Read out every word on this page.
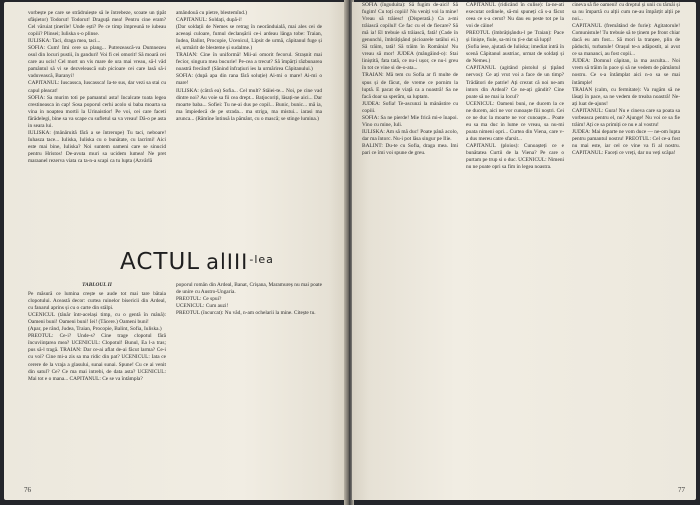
vorbește pe care se strădruiește să le întrebeze, scoate un țipăt sfâșietor) Todorut! Todorut! Draguță mea! Pentru cine eram? Cel văruiat ținerile! Unde ești? Pe ce timp împreună te iubeau copiii? Plinsei; Iuliska s-o plinse.

IULISKA: Taci, draga mea, taci...

SOFIA: Cum! Imi cere sa plang... Putrezească-va Dumnezeu osul din locuri pustii, în ganduri! Voi fi cei omorit! Să moară cei care au ucis! Cel mort un vis mare de ura mai vreau, să-l văd pamântul să vi se dezvelească sub picioare cei care lasă să-i vaduvească, Baranyi!

CAPITANUL: Iuscassca, Iuscassca! Ia-te sus, dar vezi sa stai cu capul pleacat!

SOFIA: Sa murim toti pe pamantul asta! Incalcate toata legea crestineasca in cap! Sosa poporul cerhi acolo si baba moarta sa vina in noaptea mortii la Urinaistior! Pe voi, cei care faceti fărădelegi, bine sa va scape cu sufletul sa va vreau! Dă-o pe asta in seara lui.

IULISKA: (mânâruită fără a se întrerupe) Tu taci, neboare! Iuhasza tace... Iuliska, Iuliska cu o bunătate, cu lacrimi! Aici este mai bine, Iuliska? Noi suntem oameni care se sinucid pentru Hristos! De-avuta muri sa ucidem lumea! Ne pret maraanel rezerva viata ca ta-n-a scapi ca tu lupta (Azvârlă

amândouă cu pietre, blestemînd.)

CAPITANUL: Soldați, după-i!

(Dar soldații de Nemes se retrag în neorânduială, mai ales cei de aceeași culoare, fumul declanșării ce-i ardeau lânga tobe: Traian, Iudea, Balint, Procopie, Ucenicul, Lipsit de urmă, căpitanul fuge și el, urmărit de blesteme și sudalme.)

TRAIAN: Cine în uniformă! Mii-ai omorit fecorul. Strașnit mai fecior, singura mea bucurie! Pe-cea a trecut? Să împărți răzbunarea noastră frecând! (Sănind înfrațiuri ies la urmărirea Căpitanului.)

SOFIA: (după apa din rana fără soluție) Ai-mi o mare! Ai-mi o mare!

IULISKA: (cătră ea) Sofia... Cel mult? Stăiei-te... Noi, pe cine vad dintre noi? Au voie sa fii cea drept... Batjocoriți, lăsați-ne aici... Dar moarte baba... Sofiei: Tu ne-ai dus pe copil... Bunic, bunic... mă ia, ma împiedecă de pe strada... ma striga, ma mistui... iarasi ma arunca... (Rămîne întinsă la pământ, cu o mască; se stinge lumina.)

ACTUL alIII$^{-lea}$

TABLOUL II

Pe măsură ce lumina crește se aude tot mai tare bătaia clopotului. Această decor: curtea ruinelor bisericii din Ardeal, cu fanarul aprins și cu o carte din stâlpi.

UCENICUL (tânăr într-același timp, cu o gentă în mână): Oameni buni! Oameni buni! Iei! (Tăcere.) Oameni buni!

(Apar, pe rând, Judea, Traian, Procopie, Balint, Sofia, Iuliska.)

PREOTUL: Ce-i? Unde-s? Cine trage clopotul fără încuviințarea mea? UCENICUL: Clopotul! Bunul, Ea l-a tras; pus să-l tragă. TRAIAN: Dar ce-ai aflat de-ai făcut larma? Ce-i cu voi? Cine mi-a zis sa ma ridic din pat? UCENICUL: Iata ce cerere de la vraja a glasului, sunai sunai. Spune! Cu ce ai venit din satul? Ce? Ce ma mai intrebi, de data asta? UCENICUL: Mai tot e o mana... CAPITANUL: Ce se va întâmpla?

poporul român din Ardeal, Banat, Crișana, Maramureș nu mai poate de unire cu Austro-Ungaria.

PREOTUL: Ce spui?

UCENICUL: Cum auzi!

PREOTUL (încurcat): Nu văd, n-am ochelarii la mine. Citește tu.

76

SOFIA (înguduita): Să fugim de-aici! Să fugim! Cu toți copiii! Nu veniți voi la mine! Vreau să trăiesc! (Disperată.) Ca a-mi trăiască copilul! Ce fac cu el de fiecare? Să mă ia! El trebuie să trăiască, fată! (Cade în genunchi, îmbrățișând picioarele tatălui ei.) Să trăim, tată! Să trăim în România! Nu vreau să mor! JUDEA (mângâind-o): Stai liniștită, fata tată, ce nu-i ușor, ce nu-i greu în tot ce vine si de-o-ata...

TRAIAN: Mă tem cu Sofia ar fi multe de spus și de făcut, de vreme ce pornim la luptă. E pacat de viață ca a noastră! Sa ne facă doar sa sperăm, sa luptam.

JUDEA: Sofia! Te-ascunzi la mânăstire cu copiii.

SOFIA: Sa ne pierde! Mie frică mi-e înapoi. Vino cu mine, Iuli.

IULISKA: Am să mă duc! Poate până acolo, dar ma întorc. Nu-i pot lăsa singur pe Ilie.

BALINT: Du-te cu Sofia, draga mea. Imi pari ce îmi voi spune de greu.

CAPITANUL (ridicând în culise): Ia-ne-ati executat ordinele, să-mi spuneți că s-a făcut ceea ce s-a cerut? Nu dau eu peste tot pe la voi de câine!

PREOTUL (îmbrățișându-l pe Traian): Pace și liniște, fiule, sa-mi tu ți-e dat să lupți!

(Sofia iese, ajutată de Iuliska; imediat intră în scenă Căpitanul austriac, urmat de soldați și de Nemes.)

CAPITANUL (agitând pistolul și țipând nervos): Ce ați vrut voi a face de un timp? Trădători de patrie! Ați crezut că noi ne-am intors din Ardeal? Ce ne-ați gândit? Cine poate să ne mai ia locul?

UCENICUL: Oameni buni, ne ducem la ce ne ducem, aici ne vor cunoaște fiii noștri. Cei ce ne duc la moarte ne vor cunoaște... Poate eu sa ma duc in lume ce vreau, sa nu-mi poata nimeni opri... Curtea din Viena, care v-a dus mereu catre sfarsit...

CAPITANUL (ploios): Cunoașteți ce e bunătatea Curtii de la Viena? Pe care o purtam pe trup si o duc. UCENICUL: Nimeni nu ne poate opri sa fim in legea noastra.

cineva să fie oameni! cu dreptul și unii cu tărnâi și sa nu împartă cu alții cum ne-au împărțit alții pe noi...

CAPITANUL (fremătând de furie): Agitatorule! Comunistule! Tu trebuie să te ținem pe front chiar dacă eu am fost... Să mori la tranșee, plin de păduchi, turbatule! Orașul te-a adăpostit, ai avut ce sa mananci, au fost copii...

JUDEA: Domnul căpitan, ia ma asculta... Noi vrem să trăim în pace și să ne vedem de pământul nostru. Ce s-a întâmplat aici n-o sa se mai întâmple!

TRAIAN (calm, cu fermitate): Va rugăm să ne lăsați în pace, sa ne vedem de treaba noastră! Ne-ați luat de-ajuns!

CAPITANUL: Gura! Nu e cineva care sa poata sa vorbeasca pentru el, nu? Ajunge! Nu voi ce sa fie trăim! Ați ce sa primiți ce nu e al vostru!

JUDEA: Mai departe ne vom duce — ne-om lupta pentru pamantul nostru! PREOTUL: Cel ce-a fost nu mai este, iar cel ce vine va fi al nostru. CAPITANUL: Faceți ce vreți, dar nu veți scăpa!

77
